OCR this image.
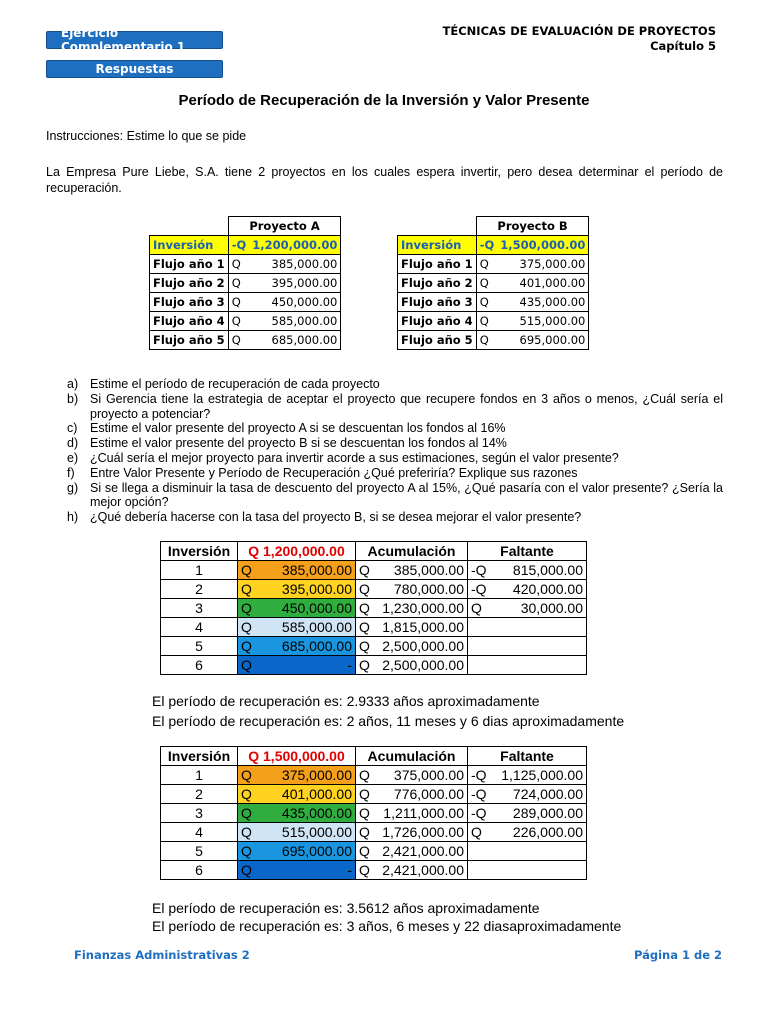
Ejercicio Complementario 1
Respuestas
TÉCNICAS DE EVALUACIÓN DE PROYECTOS
Capítulo 5
Período de Recuperación de la Inversión y Valor Presente
Instrucciones: Estime lo que se pide
La Empresa Pure Liebe, S.A. tiene 2 proyectos en los cuales espera invertir, pero desea determinar el período de recuperación.
	Proyecto A	
Inversión	-Q	1,200,000.00
Flujo año 1	Q	385,000.00
Flujo año 2	Q	395,000.00
Flujo año 3	Q	450,000.00
Flujo año 4	Q	585,000.00
Flujo año 5	Q	685,000.00
	Proyecto B	
Inversión	-Q	1,500,000.00
Flujo año 1	Q	375,000.00
Flujo año 2	Q	401,000.00
Flujo año 3	Q	435,000.00
Flujo año 4	Q	515,000.00
Flujo año 5	Q	695,000.00
a) Estime el período de recuperación de cada proyecto
b) Si Gerencia tiene la estrategia de aceptar el proyecto que recupere fondos en 3 años o menos, ¿Cuál sería el proyecto a potenciar?
c)	Estime el valor presente del proyecto A si se descuentan los fondos al 16%
d) Estime el valor presente del proyecto B si se descuentan los fondos al 14%
e) ¿Cuál sería el mejor proyecto para invertir acorde a sus estimaciones, según el valor presente?
f)	Entre Valor Presente y Período de Recuperación ¿Qué preferiría? Explique sus razones
g) Si se llega a disminuir la tasa de descuento del proyecto A al 15%, ¿Qué pasaría con el valor presente? ¿Sería la mejor opción?
h) ¿Qué debería hacerse con la tasa del proyecto B, si se desea mejorar el valor presente?
Inversión	Q 1,200,000.00		Acumulación		Faltante	
1	Q	385,000.00	Q	385,000.00	-Q	815,000.00
2	Q	395,000.00	Q	780,000.00	-Q	420,000.00
3	Q	450,000.00	Q	1,230,000.00	Q	30,000.00
4	Q	585,000.00	Q	1,815,000.00		
5	Q	685,000.00	Q	2,500,000.00		
6	Q	-	Q	2,500,000.00		
El período de recuperación es: 2.9333 años aproximadamente
El período de recuperación es: 2 años, 11 meses y 6 dias aproximadamente
Inversión	Q 1,500,000.00		Acumulación		Faltante	
1	Q	375,000.00	Q	375,000.00	-Q	1,125,000.00
2	Q	401,000.00	Q	776,000.00	-Q	724,000.00
3	Q	435,000.00	Q	1,211,000.00	-Q	289,000.00
4	Q	515,000.00	Q	1,726,000.00	Q	226,000.00
5	Q	695,000.00	Q	2,421,000.00		
6	Q	-	Q	2,421,000.00		
El período de recuperación es: 3.5612 años aproximadamente
El período de recuperación es: 3 años, 6 meses y 22 diasaproximadamente
Finanzas Administrativas 2	Página 1 de 2
